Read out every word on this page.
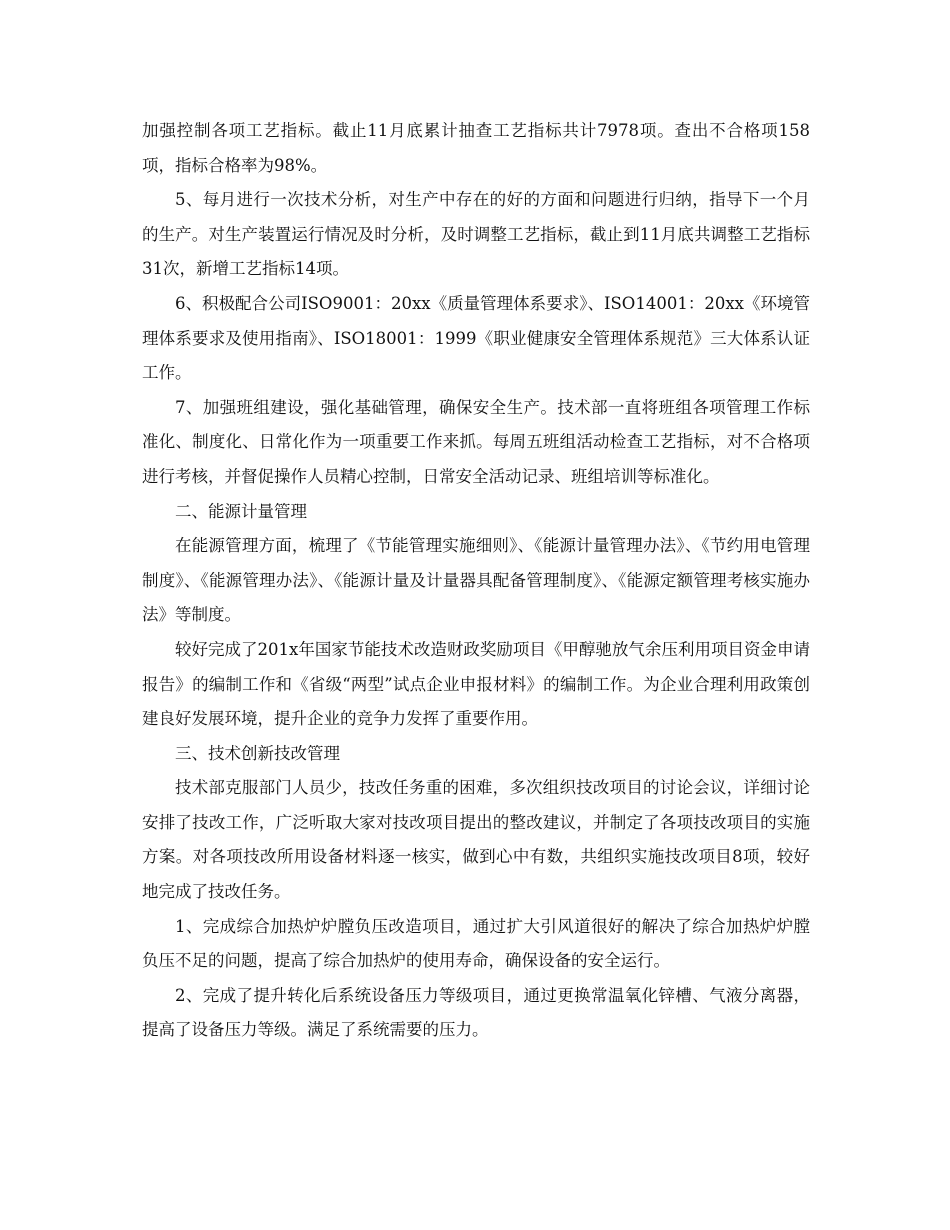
加强控制各项工艺指标。截止11月底累计抽查工艺指标共计7978项。查出不合格项158项，指标合格率为98%。

5、每月进行一次技术分析，对生产中存在的好的方面和问题进行归纳，指导下一个月的生产。对生产装置运行情况及时分析，及时调整工艺指标，截止到11月底共调整工艺指标31次，新增工艺指标14项。

6、积极配合公司ISO9001：20xx《质量管理体系要求》、ISO14001：20xx《环境管理体系要求及使用指南》、ISO18001：1999《职业健康安全管理体系规范》三大体系认证工作。

7、加强班组建设，强化基础管理，确保安全生产。技术部一直将班组各项管理工作标准化、制度化、日常化作为一项重要工作来抓。每周五班组活动检查工艺指标，对不合格项进行考核，并督促操作人员精心控制，日常安全活动记录、班组培训等标准化。

二、能源计量管理

在能源管理方面，梳理了《节能管理实施细则》、《能源计量管理办法》、《节约用电管理制度》、《能源管理办法》、《能源计量及计量器具配备管理制度》、《能源定额管理考核实施办法》等制度。

较好完成了201x年国家节能技术改造财政奖励项目《甲醇驰放气余压利用项目资金申请报告》的编制工作和《省级“两型”试点企业申报材料》的编制工作。为企业合理利用政策创建良好发展环境，提升企业的竞争力发挥了重要作用。

三、技术创新技改管理

技术部克服部门人员少，技改任务重的困难，多次组织技改项目的讨论会议，详细讨论安排了技改工作，广泛听取大家对技改项目提出的整改建议，并制定了各项技改项目的实施方案。对各项技改所用设备材料逐一核实，做到心中有数，共组织实施技改项目8项，较好地完成了技改任务。

1、完成综合加热炉炉膛负压改造项目，通过扩大引风道很好的解决了综合加热炉炉膛负压不足的问题，提高了综合加热炉的使用寿命，确保设备的安全运行。

2、完成了提升转化后系统设备压力等级项目，通过更换常温氧化锌槽、气液分离器，提高了设备压力等级。满足了系统需要的压力。
